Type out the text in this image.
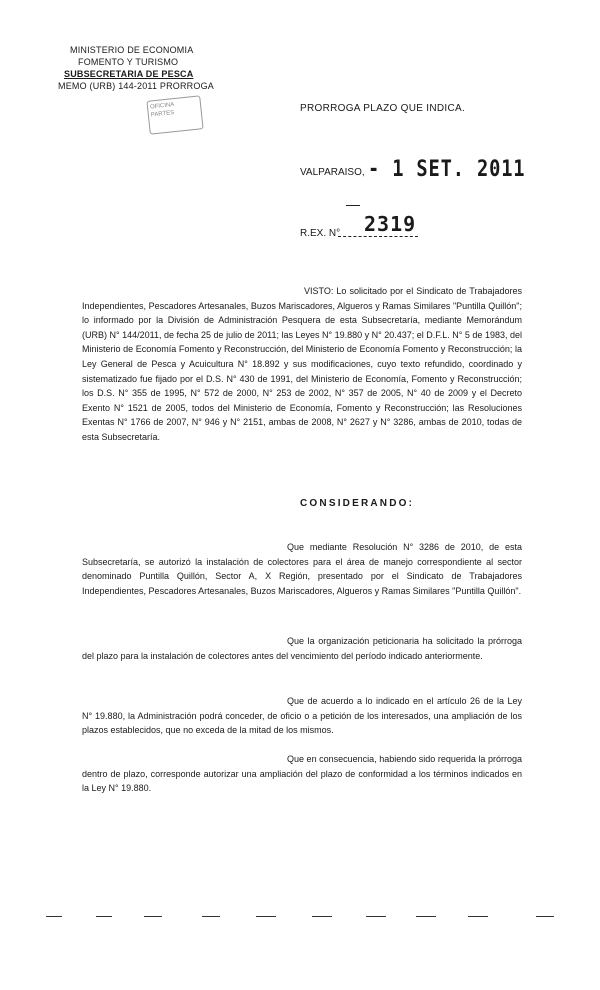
MINISTERIO DE ECONOMIA
FOMENTO Y TURISMO
SUBSECRETARIA DE PESCA
MEMO (URB) 144-2011 PRORROGA
OFICINA
PARTES
PRORROGA PLAZO QUE INDICA.
VALPARAISO, - 1 SET. 2011
R.EX. N° 2319

VISTO: Lo solicitado por el Sindicato de Trabajadores Independientes, Pescadores Artesanales, Buzos Mariscadores, Algueros y Ramas Similares "Puntilla Quillón"; lo informado por la División de Administración Pesquera de esta Subsecretaría, mediante Memorándum (URB) N° 144/2011, de fecha 25 de julio de 2011; las Leyes N° 19.880 y N° 20.437; el D.F.L. N° 5 de 1983, del Ministerio de Economía Fomento y Reconstrucción, del Ministerio de Economía Fomento y Reconstrucción; la Ley General de Pesca y Acuicultura N° 18.892 y sus modificaciones, cuyo texto refundido, coordinado y sistematizado fue fijado por el D.S. N° 430 de 1991, del Ministerio de Economía, Fomento y Reconstrucción; los D.S. N° 355 de 1995, N° 572 de 2000, N° 253 de 2002, N° 357 de 2005, N° 40 de 2009 y el Decreto Exento N° 1521 de 2005, todos del Ministerio de Economía, Fomento y Reconstrucción; las Resoluciones Exentas N° 1766 de 2007, N° 946 y N° 2151, ambas de 2008, N° 2627 y N° 3286, ambas de 2010, todas de esta Subsecretaría.

CONSIDERANDO:

Que mediante Resolución N° 3286 de 2010, de esta Subsecretaría, se autorizó la instalación de colectores para el área de manejo correspondiente al sector denominado Puntilla Quillón, Sector A, X Región, presentado por el Sindicato de Trabajadores Independientes, Pescadores Artesanales, Buzos Mariscadores, Algueros y Ramas Similares "Puntilla Quillón".

Que la organización peticionaria ha solicitado la prórroga del plazo para la instalación de colectores antes del vencimiento del período indicado anteriormente.

Que de acuerdo a lo indicado en el artículo 26 de la Ley N° 19.880, la Administración podrá conceder, de oficio o a petición de los interesados, una ampliación de los plazos establecidos, que no exceda de la mitad de los mismos.

Que en consecuencia, habiendo sido requerida la prórroga dentro de plazo, corresponde autorizar una ampliación del plazo de conformidad a los términos indicados en la Ley N° 19.880.
